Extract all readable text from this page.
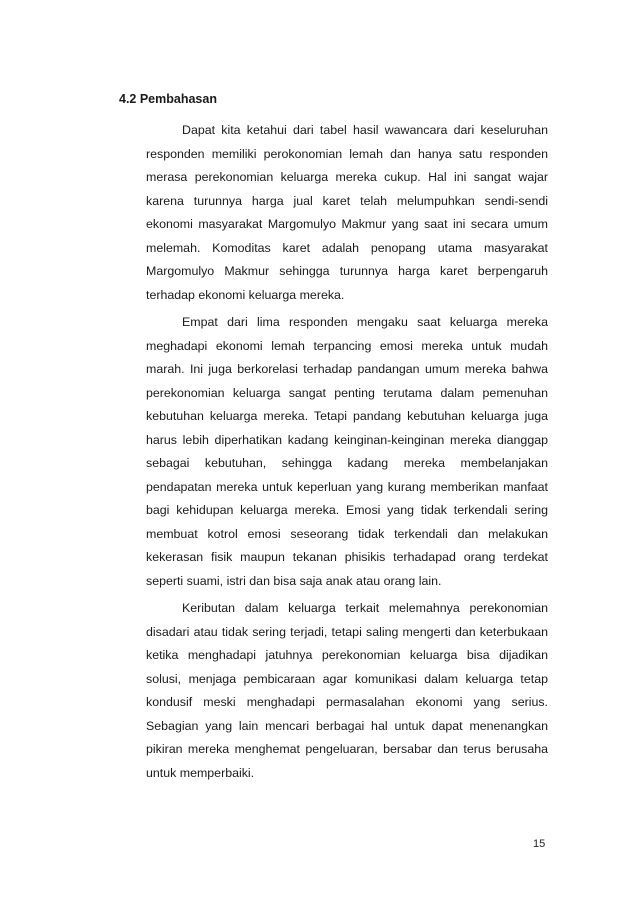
4.2 Pembahasan

Dapat kita ketahui dari tabel hasil wawancara dari keseluruhan responden memiliki perokonomian lemah dan hanya satu responden merasa perekonomian keluarga mereka cukup. Hal ini sangat wajar karena turunnya harga jual karet telah melumpuhkan sendi-sendi ekonomi masyarakat Margomulyo Makmur yang saat ini secara umum melemah. Komoditas karet adalah penopang utama masyarakat Margomulyo Makmur sehingga turunnya harga karet berpengaruh terhadap ekonomi keluarga mereka.

Empat dari lima responden mengaku saat keluarga mereka meghadapi ekonomi lemah terpancing emosi mereka untuk mudah marah. Ini juga berkorelasi terhadap pandangan umum mereka bahwa perekonomian keluarga sangat penting terutama dalam pemenuhan kebutuhan keluarga mereka. Tetapi pandang kebutuhan keluarga juga harus lebih diperhatikan kadang keinginan-keinginan mereka dianggap sebagai kebutuhan, sehingga kadang mereka membelanjakan pendapatan mereka untuk keperluan yang kurang memberikan manfaat bagi kehidupan keluarga mereka. Emosi yang tidak terkendali sering membuat kotrol emosi seseorang tidak terkendali dan melakukan kekerasan fisik maupun tekanan phisikis terhadapad orang terdekat seperti suami, istri dan bisa saja anak atau orang lain.

Keributan dalam keluarga terkait melemahnya perekonomian disadari atau tidak sering terjadi, tetapi saling mengerti dan keterbukaan ketika menghadapi jatuhnya perekonomian keluarga bisa dijadikan solusi, menjaga pembicaraan agar komunikasi dalam keluarga tetap kondusif meski menghadapi permasalahan ekonomi yang serius. Sebagian yang lain mencari berbagai hal untuk dapat menenangkan pikiran mereka menghemat pengeluaran, bersabar dan terus berusaha untuk memperbaiki.

15
